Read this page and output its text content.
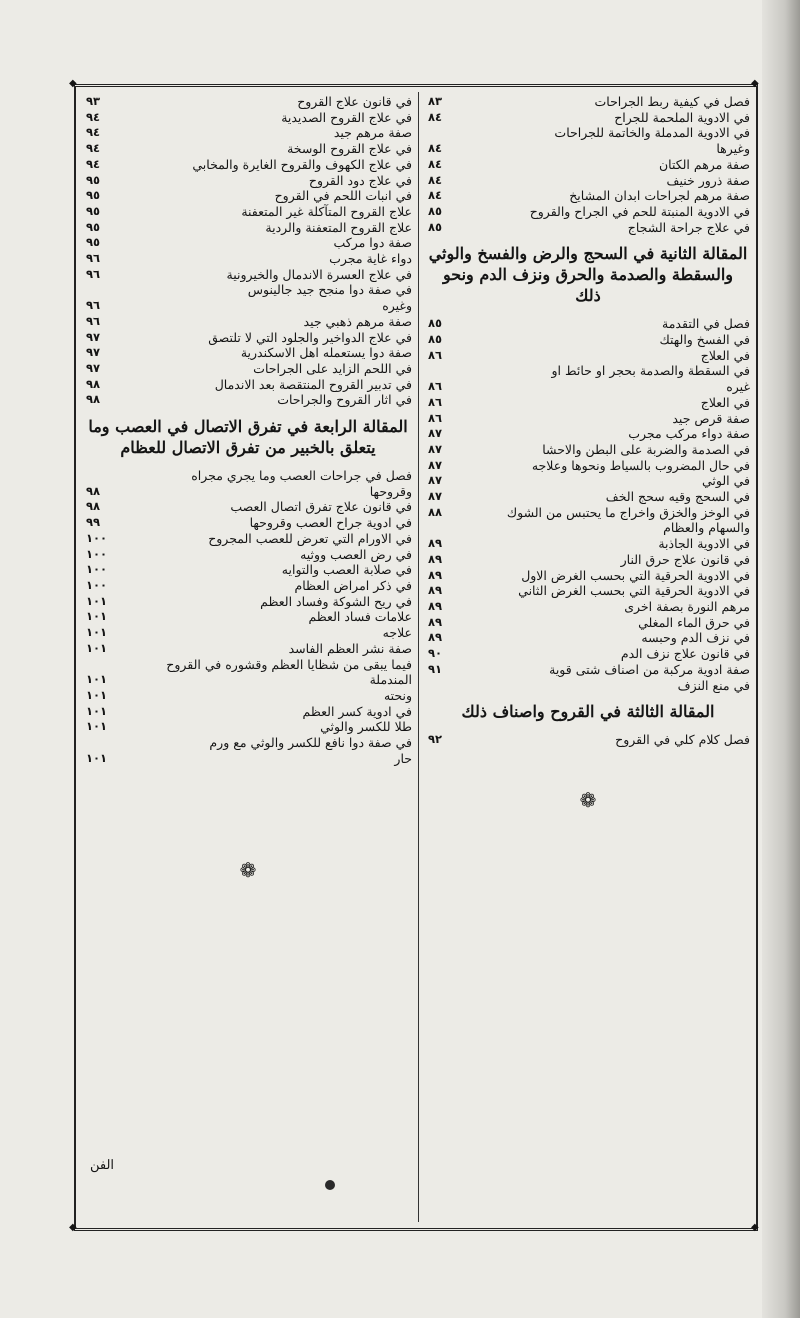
◆	◆
◆	◆
فصل في كيفية ربط الجراحات
٨٣
في الادوية الملحمة للجراح
٨٤
في الادوية المدملة والخاتمة للجراحات
وغيرها
٨٤
صفة مرهم الكتان
٨٤
صفة ذرور خنيف
٨٤
صفة مرهم لجراحات ابدان المشايخ
٨٤
في الادوية المنبتة للحم في الجراح والقروح
٨٥
في علاج جراحة الشجاج
٨٥
المقالة الثانية في السحج والرض والفسخ والوثي والسقطة والصدمة والحرق ونزف الدم ونحو ذلك
فصل في التقدمة
٨٥
في الفسخ والهتك
٨٥
في العلاج
٨٦
في السقطة والصدمة بحجر او حائط او
غيره
٨٦
في العلاج
٨٦
صفة قرص جيد
٨٦
صفة دواء مركب مجرب
٨٧
في الصدمة والضربة على البطن والاحشا
٨٧
في حال المضروب بالسياط ونحوها وعلاجه
٨٧
في الوثي
٨٧
في السحج وقيه سحج الخف
٨٧
في الوخز والخزق واخراج ما يحتبس من الشوك والسهام والعظام
٨٨
في الادوية الجاذبة
٨٩
في قانون علاج حرق النار
٨٩
في الادوية الحرقية التي بحسب الغرض الاول
٨٩
في الادوية الحرقية التي بحسب الغرض الثاني
٨٩
مرهم النورة بصفة اخرى
٨٩
في حرق الماء المغلي
٨٩
في نزف الدم وحبسه
٨٩
في قانون علاج نزف الدم
٩٠
صفة ادوية مركبة من اصناف شتى قوية
٩١
في منع النزف
المقالة الثالثة في القروح واصناف ذلك
فصل كلام كلي في القروح
٩٢
❁
في قانون علاج القروح
٩٣
في علاج القروح الصديدية
٩٤
صفة مرهم جيد
٩٤
في علاج القروح الوسخة
٩٤
في علاج الكهوف والقروح الغايرة والمخابي
٩٤
في علاج دود القروح
٩٥
في انبات اللحم في القروح
٩٥
علاج القروح المتآكلة غير المتعفنة
٩٥
علاج القروح المتعفنة والردية
٩٥
صفة دوا مركب
٩٥
دواء غاية مجرب
٩٦
في علاج العسرة الاندمال والخيرونية
٩٦
في صفة دوا منجح جيد جالينوس
وغيره
٩٦
صفة مرهم ذهبي جيد
٩٦
في علاج الدواخير والجلود التي لا تلتصق
٩٧
صفة دوا يستعمله اهل الاسكندرية
٩٧
في اللحم الزايد على الجراحات
٩٧
في تدبير القروح المنتقصة بعد الاندمال
٩٨
في اثار القروح والجراحات
٩٨
المقالة الرابعة في تفرق الاتصال في العصب وما يتعلق بالخبير من تفرق الاتصال للعظام
فصل في جراحات العصب وما يجري مجراه
وقروحها
٩٨
في قانون علاج تفرق اتصال العصب
٩٨
في ادوية جراح العصب وقروحها
٩٩
في الاورام التي تعرض للعصب المجروح
١٠٠
في رض العصب ووثيه
١٠٠
في صلابة العصب والتوايه
١٠٠
في ذكر امراض العظام
١٠٠
في ريح الشوكة وفساد العظم
١٠١
علامات فساد العظم
١٠١
علاجه
١٠١
صفة نشر العظم الفاسد
١٠١
فيما يبقى من شظايا العظم وقشوره في القروح
المندملة
١٠١
ونحته
١٠١
في ادوية كسر العظم
١٠١
طلا للكسر والوثي
١٠١
في صفة دوا نافع للكسر والوثي مع ورم
حار
١٠١
❁
الفن
